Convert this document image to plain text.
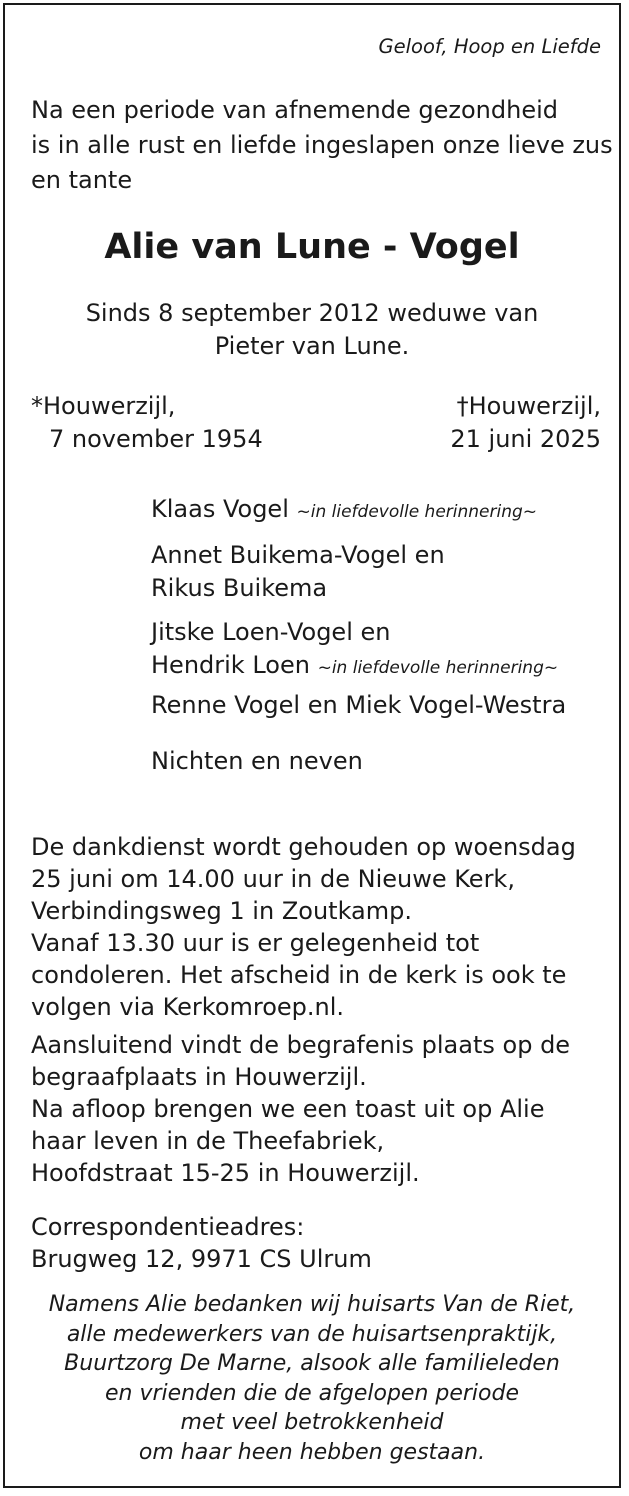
Geloof, Hoop en Liefde

Na een periode van afnemende gezondheid
is in alle rust en liefde ingeslapen onze lieve zus
en tante
Alie van Lune - Vogel
Sinds 8 september 2012 weduwe van
Pieter van Lune.
*Houwerzijl,
7 november 1954
†Houwerzijl,
21 juni 2025
Klaas Vogel ~in liefdevolle herinnering~
Annet Buikema-Vogel en
Rikus Buikema
Jitske Loen-Vogel en
Hendrik Loen ~in liefdevolle herinnering~
Renne Vogel en Miek Vogel-Westra
Nichten en neven
De dankdienst wordt gehouden op woensdag
25 juni om 14.00 uur in de Nieuwe Kerk,
Verbindingsweg 1 in Zoutkamp.
Vanaf 13.30 uur is er gelegenheid tot
condoleren. Het afscheid in de kerk is ook te
volgen via Kerkomroep.nl.
Aansluitend vindt de begrafenis plaats op de
begraafplaats in Houwerzijl.
Na afloop brengen we een toast uit op Alie
haar leven in de Theefabriek,
Hoofdstraat 15-25 in Houwerzijl.
Correspondentieadres:
Brugweg 12, 9971 CS Ulrum
Namens Alie bedanken wij huisarts Van de Riet,
alle medewerkers van de huisartsenpraktijk,
Buurtzorg De Marne, alsook alle familieleden
en vrienden die de afgelopen periode
met veel betrokkenheid
om haar heen hebben gestaan.
